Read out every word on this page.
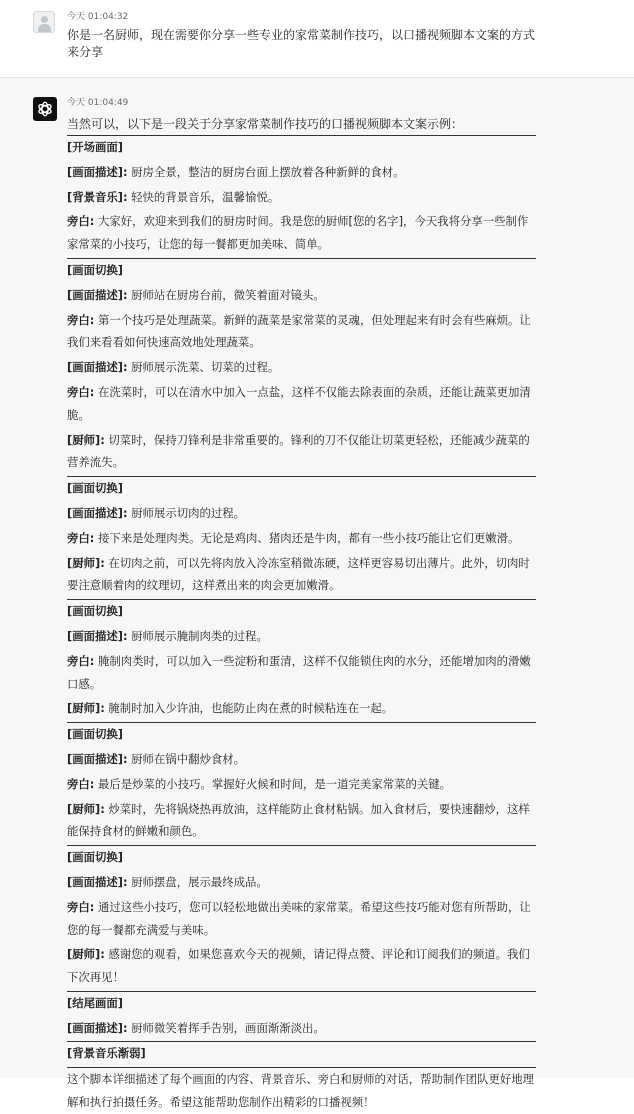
今天 01:04:32
你是一名厨师，现在需要你分享一些专业的家常菜制作技巧，以口播视频脚本文案的方式来分享
今天 01:04:49
当然可以，以下是一段关于分享家常菜制作技巧的口播视频脚本文案示例：

[开场画面]

[画面描述]: 厨房全景，整洁的厨房台面上摆放着各种新鲜的食材。

[背景音乐]: 轻快的背景音乐，温馨愉悦。

旁白: 大家好，欢迎来到我们的厨房时间。我是您的厨师[您的名字]，今天我将分享一些制作家常菜的小技巧，让您的每一餐都更加美味、简单。

[画面切换]

[画面描述]: 厨师站在厨房台前，微笑着面对镜头。

旁白: 第一个技巧是处理蔬菜。新鲜的蔬菜是家常菜的灵魂，但处理起来有时会有些麻烦。让我们来看看如何快速高效地处理蔬菜。

[画面描述]: 厨师展示洗菜、切菜的过程。

旁白: 在洗菜时，可以在清水中加入一点盐，这样不仅能去除表面的杂质，还能让蔬菜更加清脆。

[厨师]: 切菜时，保持刀锋利是非常重要的。锋利的刀不仅能让切菜更轻松，还能减少蔬菜的营养流失。

[画面切换]

[画面描述]: 厨师展示切肉的过程。

旁白: 接下来是处理肉类。无论是鸡肉、猪肉还是牛肉，都有一些小技巧能让它们更嫩滑。

[厨师]: 在切肉之前，可以先将肉放入冷冻室稍微冻硬，这样更容易切出薄片。此外，切肉时要注意顺着肉的纹理切，这样煮出来的肉会更加嫩滑。

[画面切换]

[画面描述]: 厨师展示腌制肉类的过程。

旁白: 腌制肉类时，可以加入一些淀粉和蛋清，这样不仅能锁住肉的水分，还能增加肉的滑嫩口感。

[厨师]: 腌制时加入少许油，也能防止肉在煮的时候粘连在一起。

[画面切换]

[画面描述]: 厨师在锅中翻炒食材。

旁白: 最后是炒菜的小技巧。掌握好火候和时间，是一道完美家常菜的关键。

[厨师]: 炒菜时，先将锅烧热再放油，这样能防止食材粘锅。加入食材后，要快速翻炒，这样能保持食材的鲜嫩和颜色。

[画面切换]

[画面描述]: 厨师摆盘，展示最终成品。

旁白: 通过这些小技巧，您可以轻松地做出美味的家常菜。希望这些技巧能对您有所帮助，让您的每一餐都充满爱与美味。

[厨师]: 感谢您的观看，如果您喜欢今天的视频，请记得点赞、评论和订阅我们的频道。我们下次再见！

[结尾画面]

[画面描述]: 厨师微笑着挥手告别，画面渐渐淡出。

[背景音乐渐弱]

这个脚本详细描述了每个画面的内容、背景音乐、旁白和厨师的对话，帮助制作团队更好地理解和执行拍摄任务。希望这能帮助您制作出精彩的口播视频！
